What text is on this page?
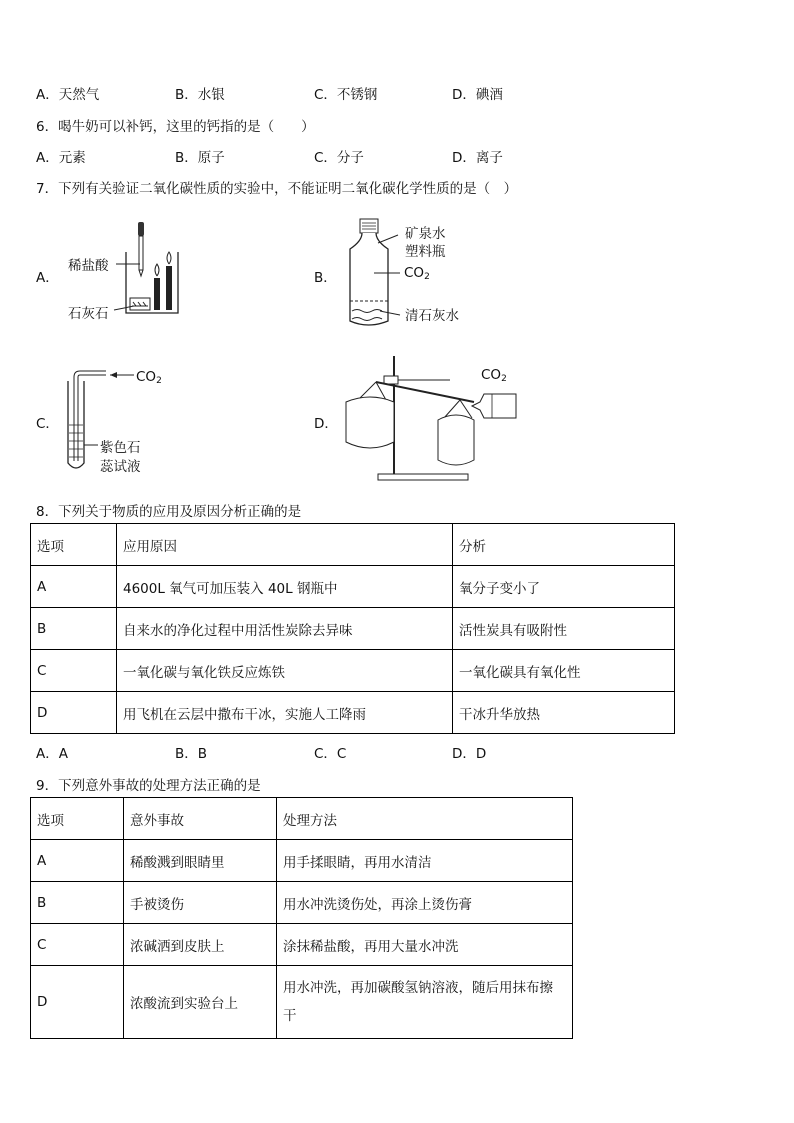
A．天然气	B．水银	C．不锈钢	D．碘酒
6．喝牛奶可以补钙，这里的钙指的是（　　）
A．元素	B．原子	C．分子	D．离子
7．下列有关验证二氧化碳性质的实验中，不能证明二氧化碳化学性质的是（　）
A．
稀盐酸
石灰石
B．
矿泉水
塑料瓶
$CO_2$
清石灰水
C．
$CO_2$
紫色石
蕊试液
D．
$CO_2$
8．下列关于物质的应用及原因分析正确的是
选项	应用原因	分析
A	4600L 氧气可加压装入 40L 钢瓶中	氧分子变小了
B	自来水的净化过程中用活性炭除去异味	活性炭具有吸附性
C	一氧化碳与氧化铁反应炼铁	一氧化碳具有氧化性
D	用飞机在云层中撒布干冰，实施人工降雨	干冰升华放热
A．A	B．B	C．C	D．D
9．下列意外事故的处理方法正确的是
选项	意外事故	处理方法
A	稀酸溅到眼睛里	用手揉眼睛，再用水清洁
B	手被烫伤	用水冲洗烫伤处，再涂上烫伤膏
C	浓碱洒到皮肤上	涂抹稀盐酸，再用大量水冲洗
D	浓酸流到实验台上	用水冲洗，再加碳酸氢钠溶液，随后用抹布擦
干
